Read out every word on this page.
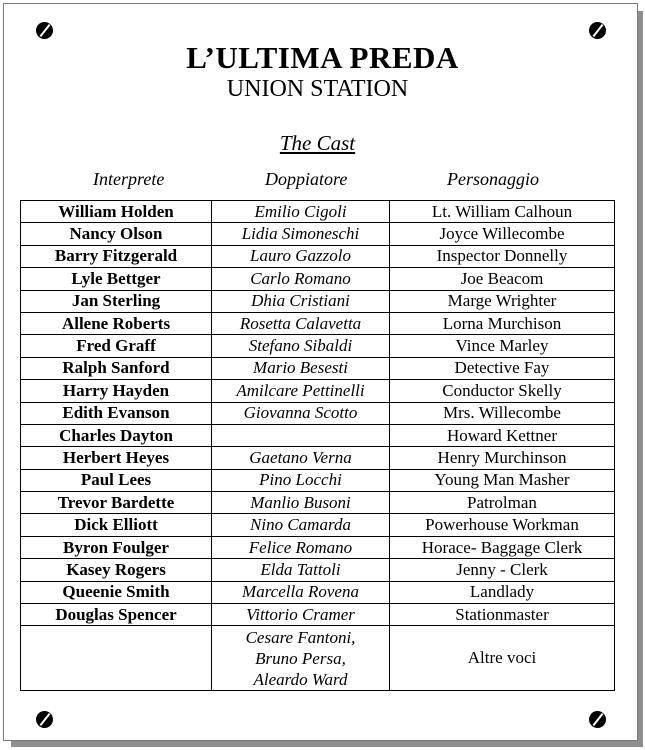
L’ULTIMA PREDA
UNION STATION
The Cast
Interprete	Doppiatore	Personaggio
William Holden	Emilio Cigoli	Lt. William Calhoun
Nancy Olson	Lidia Simoneschi	Joyce Willecombe
Barry Fitzgerald	Lauro Gazzolo	Inspector Donnelly
Lyle Bettger	Carlo Romano	Joe Beacom
Jan Sterling	Dhia Cristiani	Marge Wrighter
Allene Roberts	Rosetta Calavetta	Lorna Murchison
Fred Graff	Stefano Sibaldi	Vince Marley
Ralph Sanford	Mario Besesti	Detective Fay
Harry Hayden	Amilcare Pettinelli	Conductor Skelly
Edith Evanson	Giovanna Scotto	Mrs. Willecombe
Charles Dayton		Howard Kettner
Herbert Heyes	Gaetano Verna	Henry Murchinson
Paul Lees	Pino Locchi	Young Man Masher
Trevor Bardette	Manlio Busoni	Patrolman
Dick Elliott	Nino Camarda	Powerhouse Workman
Byron Foulger	Felice Romano	Horace- Baggage Clerk
Kasey Rogers	Elda Tattoli	Jenny - Clerk
Queenie Smith	Marcella Rovena	Landlady
Douglas Spencer	Vittorio Cramer	Stationmaster

	Cesare Fantoni,
Bruno Persa,
Aleardo Ward	Altre voci
